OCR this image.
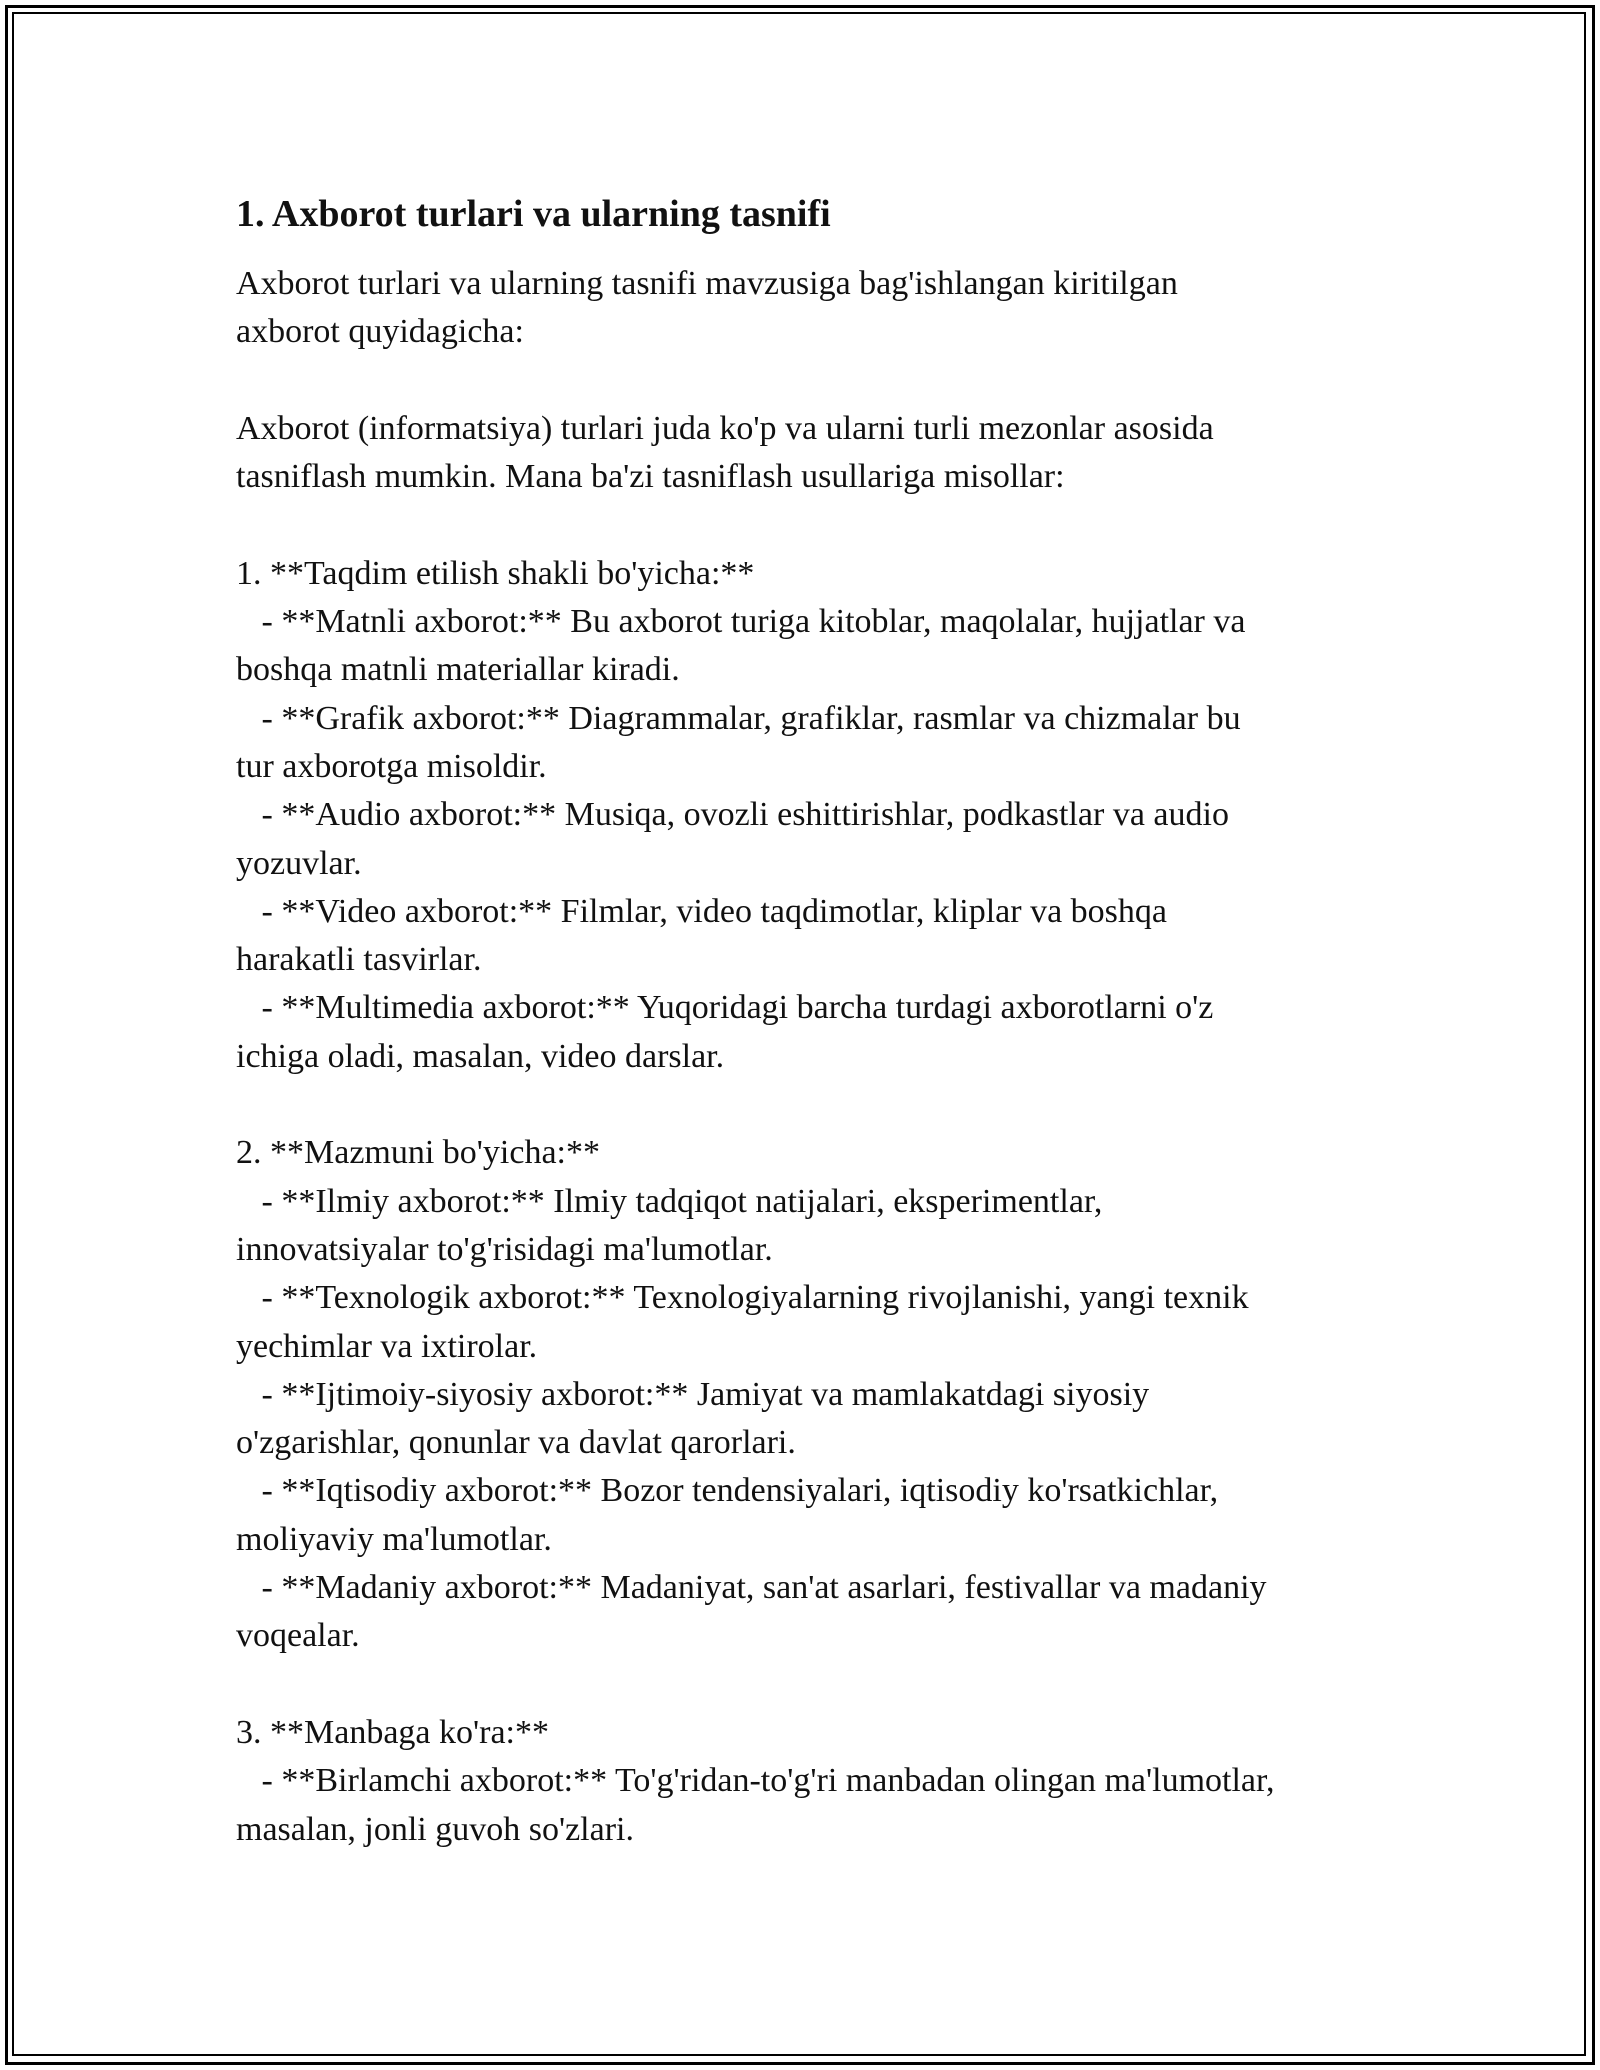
1. Axborot turlari va ularning tasnifi

Axborot turlari va ularning tasnifi mavzusiga bag'ishlangan kiritilgan
axborot quyidagicha:

Axborot (informatsiya) turlari juda ko'p va ularni turli mezonlar asosida
tasniflash mumkin. Mana ba'zi tasniflash usullariga misollar:

1. **Taqdim etilish shakli bo'yicha:**
- **Matnli axborot:** Bu axborot turiga kitoblar, maqolalar, hujjatlar va
boshqa matnli materiallar kiradi.
- **Grafik axborot:** Diagrammalar, grafiklar, rasmlar va chizmalar bu
tur axborotga misoldir.
- **Audio axborot:** Musiqa, ovozli eshittirishlar, podkastlar va audio
yozuvlar.
- **Video axborot:** Filmlar, video taqdimotlar, kliplar va boshqa
harakatli tasvirlar.
- **Multimedia axborot:** Yuqoridagi barcha turdagi axborotlarni o'z
ichiga oladi, masalan, video darslar.

2. **Mazmuni bo'yicha:**
- **Ilmiy axborot:** Ilmiy tadqiqot natijalari, eksperimentlar,
innovatsiyalar to'g'risidagi ma'lumotlar.
- **Texnologik axborot:** Texnologiyalarning rivojlanishi, yangi texnik
yechimlar va ixtirolar.
- **Ijtimoiy-siyosiy axborot:** Jamiyat va mamlakatdagi siyosiy
o'zgarishlar, qonunlar va davlat qarorlari.
- **Iqtisodiy axborot:** Bozor tendensiyalari, iqtisodiy ko'rsatkichlar,
moliyaviy ma'lumotlar.
- **Madaniy axborot:** Madaniyat, san'at asarlari, festivallar va madaniy
voqealar.

3. **Manbaga ko'ra:**
- **Birlamchi axborot:** To'g'ridan-to'g'ri manbadan olingan ma'lumotlar,
masalan, jonli guvoh so'zlari.
